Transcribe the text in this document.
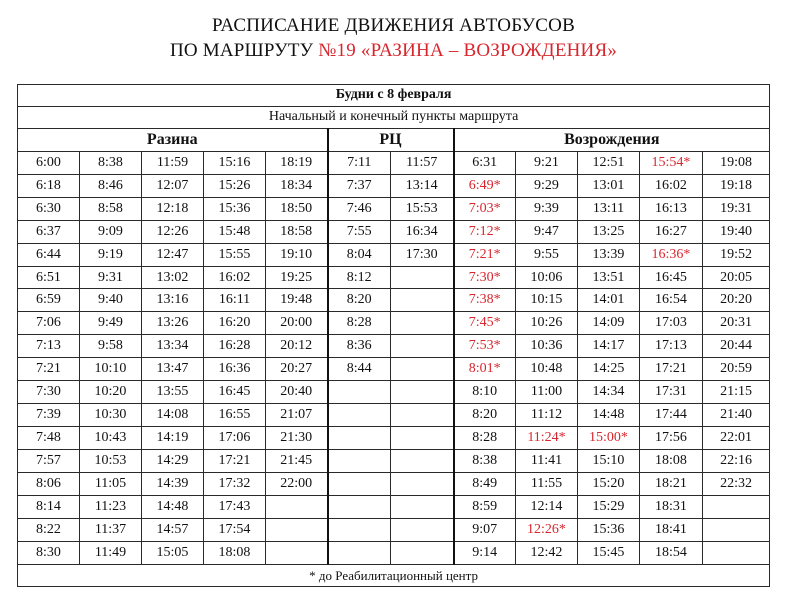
РАСПИСАНИЕ ДВИЖЕНИЯ АВТОБУСОВ
ПО МАРШРУТУ №19 «РАЗИНА – ВОЗРОЖДЕНИЯ»
Будни с 8 февраля											
Начальный и конечный пункты маршрута											
Разина					РЦ		Возрождения				
6:00	8:38	11:59	15:16	18:19	7:11	11:57	6:31	9:21	12:51	15:54*	19:08
6:18	8:46	12:07	15:26	18:34	7:37	13:14	6:49*	9:29	13:01	16:02	19:18
6:30	8:58	12:18	15:36	18:50	7:46	15:53	7:03*	9:39	13:11	16:13	19:31
6:37	9:09	12:26	15:48	18:58	7:55	16:34	7:12*	9:47	13:25	16:27	19:40
6:44	9:19	12:47	15:55	19:10	8:04	17:30	7:21*	9:55	13:39	16:36*	19:52
6:51	9:31	13:02	16:02	19:25	8:12		7:30*	10:06	13:51	16:45	20:05
6:59	9:40	13:16	16:11	19:48	8:20		7:38*	10:15	14:01	16:54	20:20
7:06	9:49	13:26	16:20	20:00	8:28		7:45*	10:26	14:09	17:03	20:31
7:13	9:58	13:34	16:28	20:12	8:36		7:53*	10:36	14:17	17:13	20:44
7:21	10:10	13:47	16:36	20:27	8:44		8:01*	10:48	14:25	17:21	20:59
7:30	10:20	13:55	16:45	20:40			8:10	11:00	14:34	17:31	21:15
7:39	10:30	14:08	16:55	21:07			8:20	11:12	14:48	17:44	21:40
7:48	10:43	14:19	17:06	21:30			8:28	11:24*	15:00*	17:56	22:01
7:57	10:53	14:29	17:21	21:45			8:38	11:41	15:10	18:08	22:16
8:06	11:05	14:39	17:32	22:00			8:49	11:55	15:20	18:21	22:32
8:14	11:23	14:48	17:43				8:59	12:14	15:29	18:31	
8:22	11:37	14:57	17:54				9:07	12:26*	15:36	18:41	
8:30	11:49	15:05	18:08				9:14	12:42	15:45	18:54	
* до Реабилитационный центр											
